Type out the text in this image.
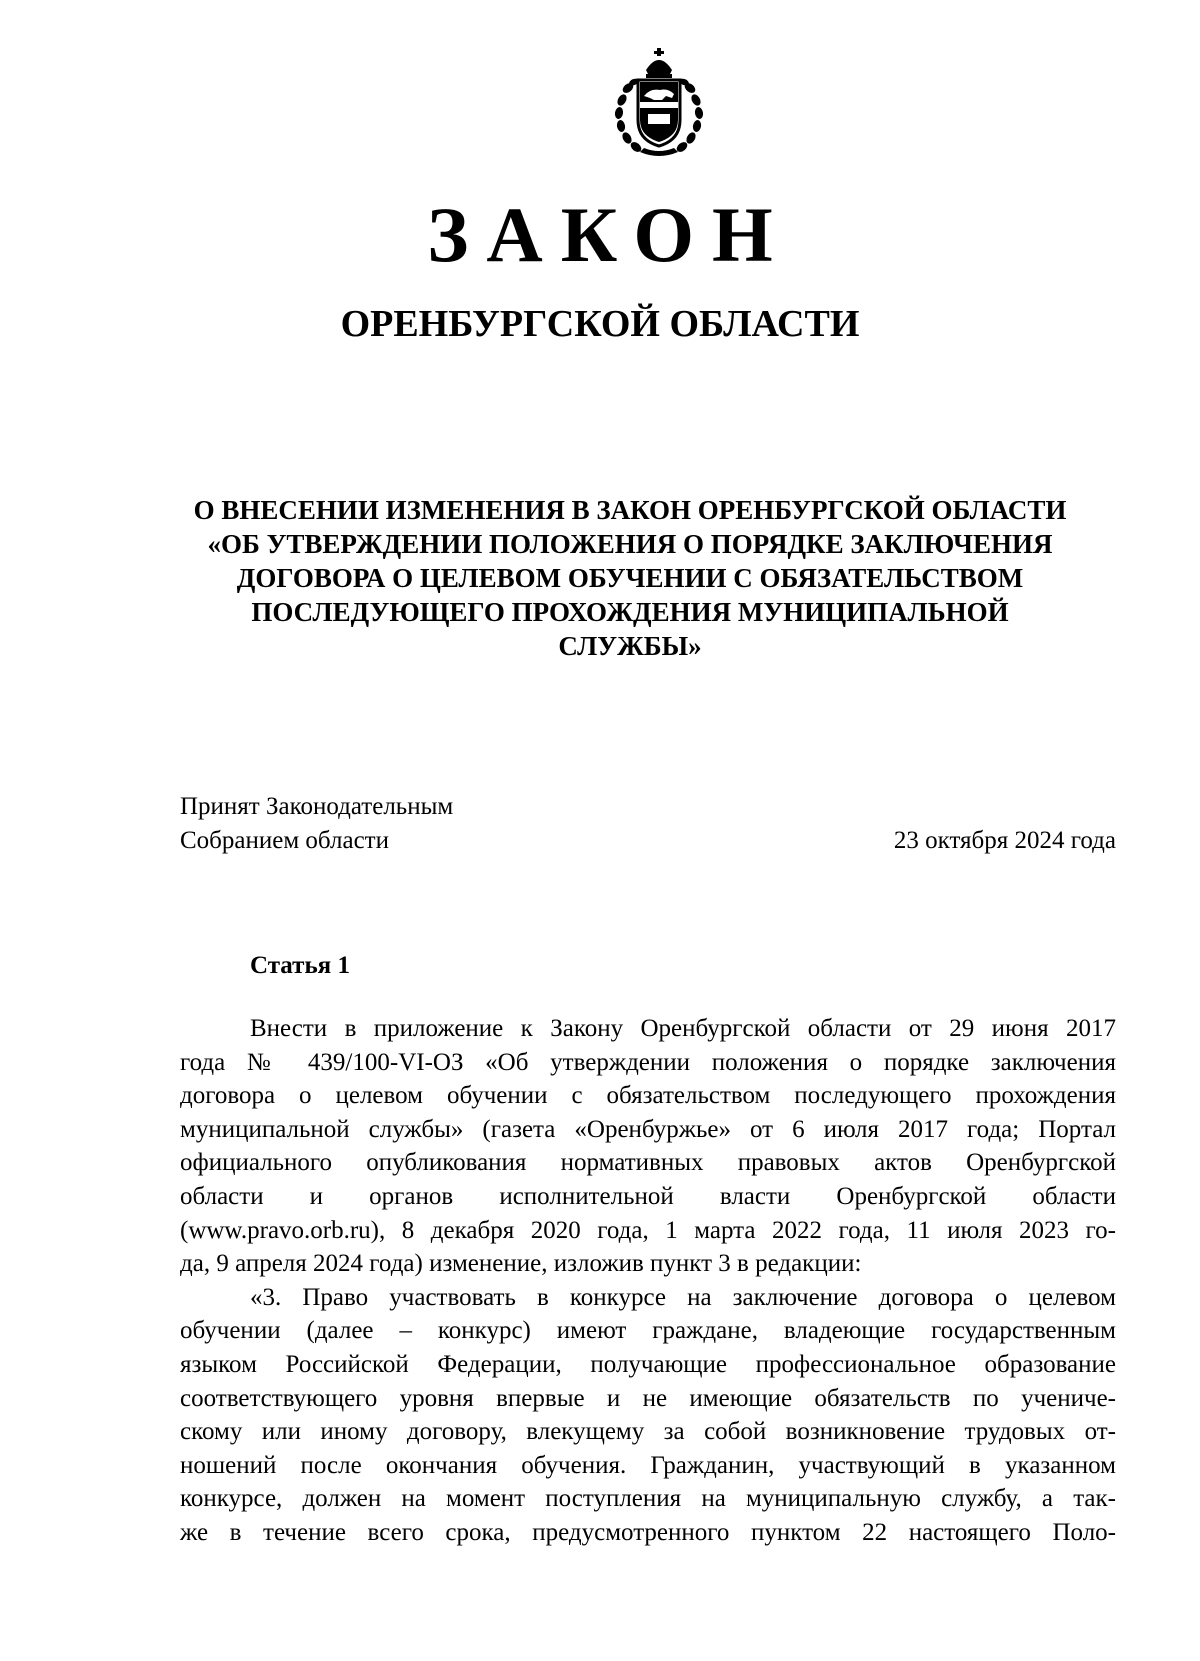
ЗАКОН
ОРЕНБУРГСКОЙ ОБЛАСТИ
О ВНЕСЕНИИ ИЗМЕНЕНИЯ В ЗАКОН ОРЕНБУРГСКОЙ ОБЛАСТИ
«ОБ УТВЕРЖДЕНИИ ПОЛОЖЕНИЯ О ПОРЯДКЕ ЗАКЛЮЧЕНИЯ
ДОГОВОРА О ЦЕЛЕВОМ ОБУЧЕНИИ С ОБЯЗАТЕЛЬСТВОМ
ПОСЛЕДУЮЩЕГО ПРОХОЖДЕНИЯ МУНИЦИПАЛЬНОЙ
СЛУЖБЫ»
Принят Законодательным
Собранием области	23 октября 2024 года
Статья 1
Внести в приложение к Закону Оренбургской области от 29 июня 2017
года № 439/100-VI-ОЗ «Об утверждении положения о порядке заключения
договора о целевом обучении с обязательством последующего прохождения
муниципальной службы» (газета «Оренбуржье» от 6 июля 2017 года; Портал
официального опубликования нормативных правовых актов Оренбургской
области и органов исполнительной власти Оренбургской области
(www.pravo.orb.ru), 8 декабря 2020 года, 1 марта 2022 года, 11 июля 2023 го-
да, 9 апреля 2024 года) изменение, изложив пункт 3 в редакции:
«3. Право участвовать в конкурсе на заключение договора о целевом
обучении (далее – конкурс) имеют граждане, владеющие государственным
языком Российской Федерации, получающие профессиональное образование
соответствующего уровня впервые и не имеющие обязательств по учениче-
скому или иному договору, влекущему за собой возникновение трудовых от-
ношений после окончания обучения. Гражданин, участвующий в указанном
конкурсе, должен на момент поступления на муниципальную службу, а так-
же в течение всего срока, предусмотренного пунктом 22 настоящего Поло-
